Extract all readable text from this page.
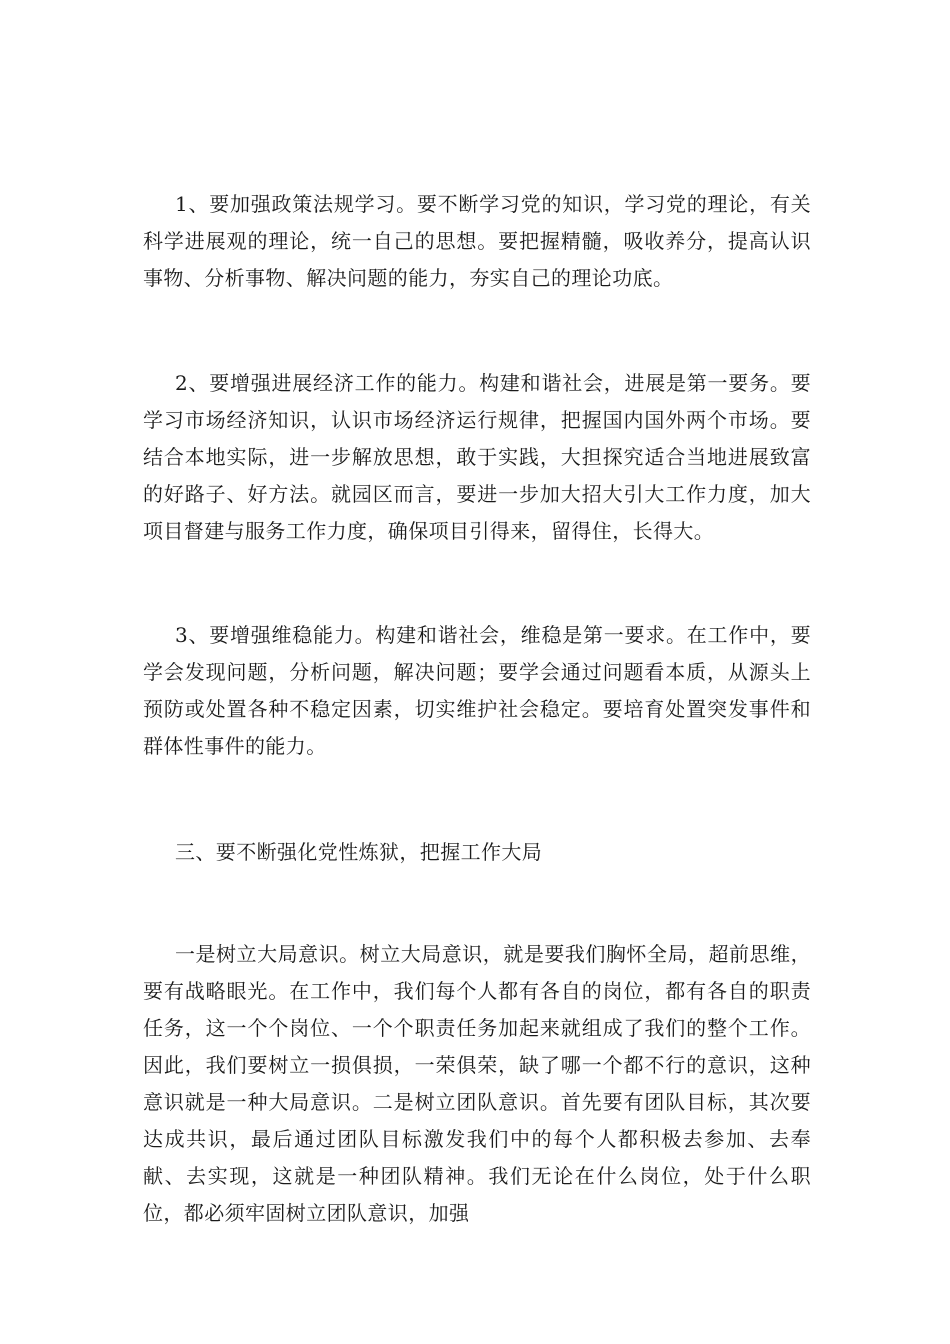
1、要加强政策法规学习。要不断学习党的知识，学习党的理论，有关科学进展观的理论，统一自己的思想。要把握精髓，吸收养分，提高认识事物、分析事物、解决问题的能力，夯实自己的理论功底。

2、要增强进展经济工作的能力。构建和谐社会，进展是第一要务。要学习市场经济知识，认识市场经济运行规律，把握国内国外两个市场。要结合本地实际，进一步解放思想，敢于实践，大担探究适合当地进展致富的好路子、好方法。就园区而言，要进一步加大招大引大工作力度，加大项目督建与服务工作力度，确保项目引得来，留得住，长得大。

3、要增强维稳能力。构建和谐社会，维稳是第一要求。在工作中，要学会发现问题，分析问题，解决问题；要学会通过问题看本质，从源头上预防或处置各种不稳定因素，切实维护社会稳定。要培育处置突发事件和群体性事件的能力。

三、要不断强化党性炼狱，把握工作大局

一是树立大局意识。树立大局意识，就是要我们胸怀全局，超前思维，要有战略眼光。在工作中，我们每个人都有各自的岗位，都有各自的职责任务，这一个个岗位、一个个职责任务加起来就组成了我们的整个工作。因此，我们要树立一损俱损，一荣俱荣，缺了哪一个都不行的意识，这种意识就是一种大局意识。二是树立团队意识。首先要有团队目标，其次要达成共识，最后通过团队目标激发我们中的每个人都积极去参加、去奉献、去实现，这就是一种团队精神。我们无论在什么岗位，处于什么职位，都必须牢固树立团队意识，加强
